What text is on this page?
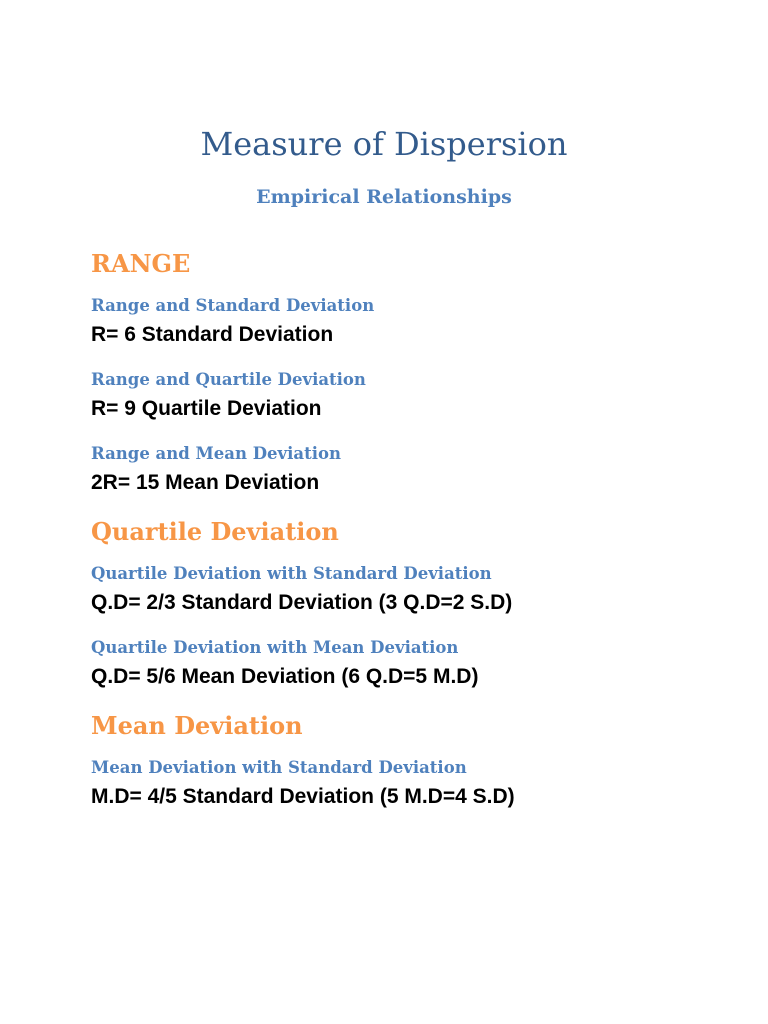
Measure of Dispersion
Empirical Relationships
RANGE

Range and Standard Deviation

R= 6 Standard Deviation

Range and Quartile Deviation

R= 9 Quartile Deviation

Range and Mean Deviation

2R= 15 Mean Deviation

Quartile Deviation

Quartile Deviation with Standard Deviation

Q.D= 2/3 Standard Deviation (3 Q.D=2 S.D)

Quartile Deviation with Mean Deviation

Q.D= 5/6 Mean Deviation (6 Q.D=5 M.D)

Mean Deviation

Mean Deviation with Standard Deviation

M.D= 4/5 Standard Deviation (5 M.D=4 S.D)
